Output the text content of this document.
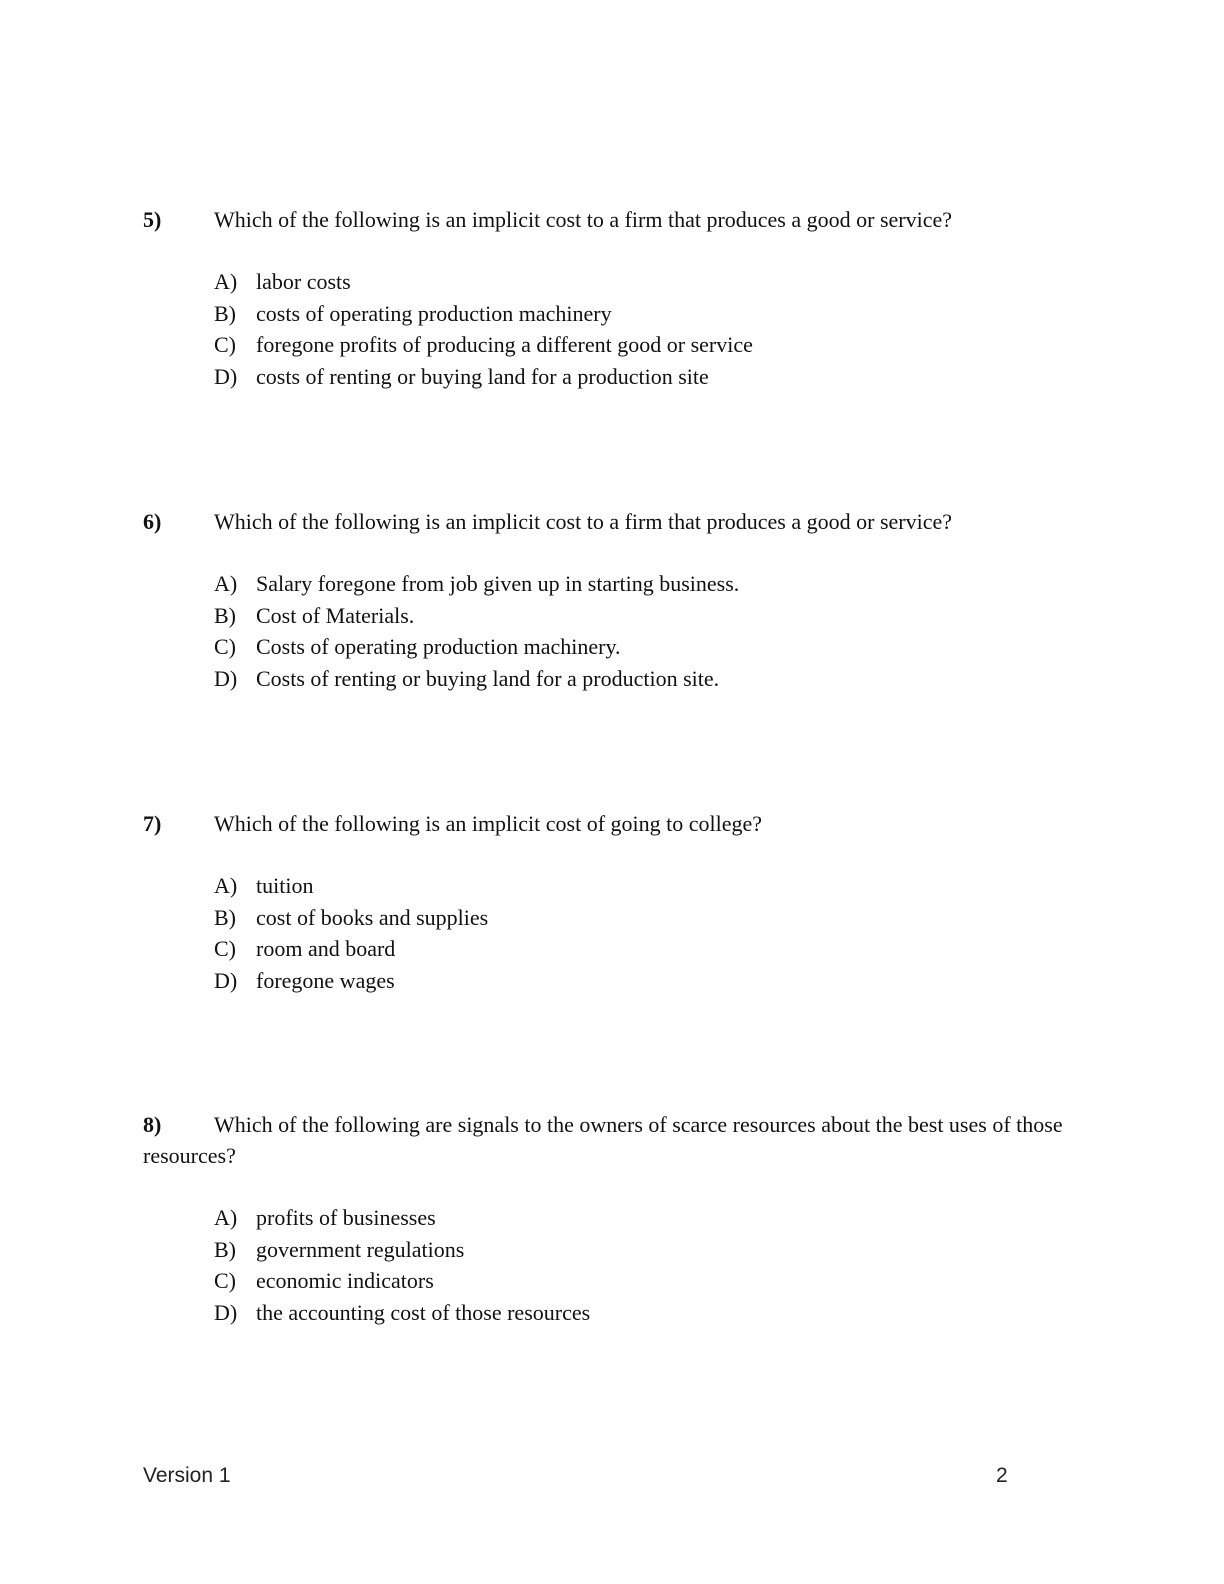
5) Which of the following is an implicit cost to a firm that produces a good or service?
A) labor costs
B) costs of operating production machinery
C) foregone profits of producing a different good or service
D) costs of renting or buying land for a production site
6) Which of the following is an implicit cost to a firm that produces a good or service?
A) Salary foregone from job given up in starting business.
B) Cost of Materials.
C) Costs of operating production machinery.
D) Costs of renting or buying land for a production site.
7) Which of the following is an implicit cost of going to college?
A) tuition
B) cost of books and supplies
C) room and board
D) foregone wages
8) Which of the following are signals to the owners of scarce resources about the best uses of those resources?
A) profits of businesses
B) government regulations
C) economic indicators
D) the accounting cost of those resources
Version 1	2
